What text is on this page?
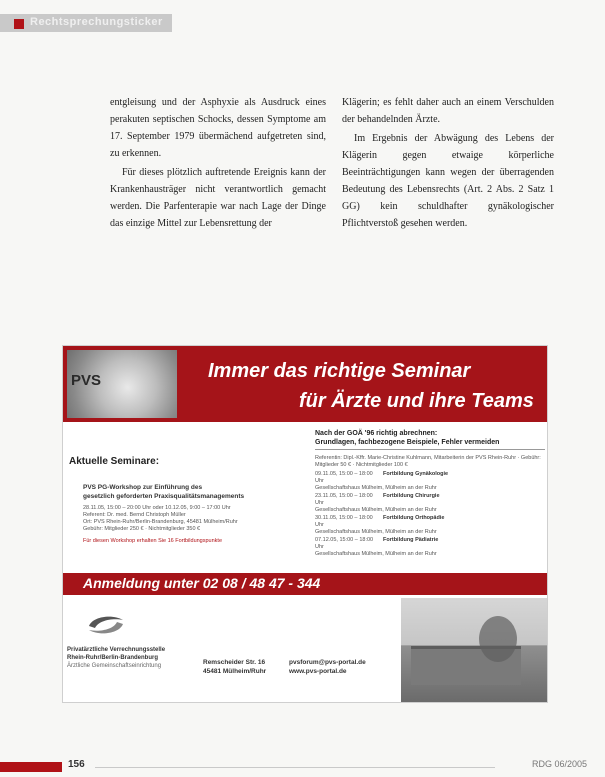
Rechtsprechungsticker

entgleisung und der Asphyxie als Ausdruck eines perakuten septischen Schocks, dessen Symptome am 17. September 1979 übermächend aufgetreten sind, zu erkennen.

Für dieses plötzlich auftretende Ereignis kann der Krankenhausträger nicht verantwortlich gemacht werden. Die Parfenterapie war nach Lage der Dinge das einzige Mittel zur Lebensrettung der

Klägerin; es fehlt daher auch an einem Verschulden der behandelnden Ärzte.

Im Ergebnis der Abwägung des Lebens der Klägerin gegen etwaige körperliche Beeinträchtigungen kann wegen der überragenden Bedeutung des Lebensrechts (Art. 2 Abs. 2 Satz 1 GG) kein schuldhafter gynäkologischer Pflichtverstoß gesehen werden.

PVS	Immer das richtige Seminar
für Ärzte und ihre Teams
Nach der GOÄ '96 richtig abrechnen:
Grundlagen, fachbezogene Beispiele, Fehler vermeiden
Referentin: Dipl.-Kffr. Marie-Christine Kuhlmann, Mitarbeiterin der PVS Rhein-Ruhr · Gebühr: Mitglieder 50 € · Nichtmitglieder 100 €
09.11.05, 15:00 – 18:00 Uhr
Fortbildung Gynäkologie
Gesellschaftshaus Mülheim, Mülheim an der Ruhr
23.11.05, 15:00 – 18:00 Uhr
Fortbildung Chirurgie
Gesellschaftshaus Mülheim, Mülheim an der Ruhr
30.11.05, 15:00 – 18:00 Uhr
Fortbildung Orthopädie
Gesellschaftshaus Mülheim, Mülheim an der Ruhr
07.12.05, 15:00 – 18:00 Uhr
Fortbildung Pädiatrie
Gesellschaftshaus Mülheim, Mülheim an der Ruhr
Aktuelle Seminare:
PVS PG-Workshop zur Einführung des
gesetzlich geforderten Praxisqualitätsmanagements
28.11.05, 15:00 – 20:00 Uhr oder 10.12.05, 9:00 – 17:00 Uhr
Referent: Dr. med. Bernd Christoph Müller
Ort: PVS Rhein-Ruhr/Berlin-Brandenburg, 45481 Mülheim/Ruhr
Gebühr: Mitglieder 250 € · Nichtmitglieder 350 €
Für diesen Workshop erhalten Sie 16 Fortbildungspunkte
Anmeldung unter 02 08 / 48 47 - 344
Privatärztliche Verrechnungsstelle
Rhein-Ruhr/Berlin-Brandenburg
Ärztliche Gemeinschaftseinrichtung	Remscheider Str. 16
45481 Mülheim/Ruhr
pvsforum@pvs-portal.de
www.pvs-portal.de
156	RDG 06/2005
